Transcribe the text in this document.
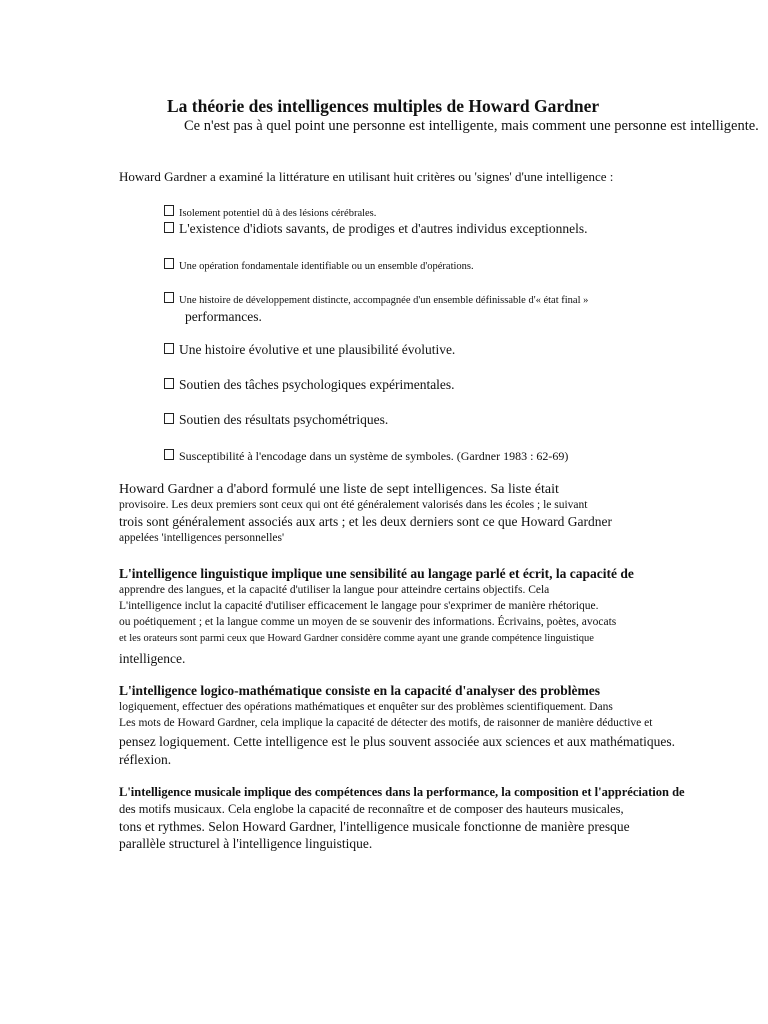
La théorie des intelligences multiples de Howard Gardner

Ce n'est pas à quel point une personne est intelligente, mais comment une personne est intelligente.

Howard Gardner a examiné la littérature en utilisant huit critères ou 'signes' d'une intelligence :

Isolement potentiel dû à des lésions cérébrales.
L'existence d'idiots savants, de prodiges et d'autres individus exceptionnels.
Une opération fondamentale identifiable ou un ensemble d'opérations.
Une histoire de développement distincte, accompagnée d'un ensemble définissable d'« état final »

performances.

Une histoire évolutive et une plausibilité évolutive.
Soutien des tâches psychologiques expérimentales.
Soutien des résultats psychométriques.
Susceptibilité à l'encodage dans un système de symboles. (Gardner 1983 : 62-69)

Howard Gardner a d'abord formulé une liste de sept intelligences. Sa liste était

provisoire. Les deux premiers sont ceux qui ont été généralement valorisés dans les écoles ; le suivant

trois sont généralement associés aux arts ; et les deux derniers sont ce que Howard Gardner

appelées 'intelligences personnelles'

L'intelligence linguistique implique une sensibilité au langage parlé et écrit, la capacité de

apprendre des langues, et la capacité d'utiliser la langue pour atteindre certains objectifs. Cela

L'intelligence inclut la capacité d'utiliser efficacement le langage pour s'exprimer de manière rhétorique.

ou poétiquement ; et la langue comme un moyen de se souvenir des informations. Écrivains, poètes, avocats

et les orateurs sont parmi ceux que Howard Gardner considère comme ayant une grande compétence linguistique

intelligence.

L'intelligence logico-mathématique consiste en la capacité d'analyser des problèmes

logiquement, effectuer des opérations mathématiques et enquêter sur des problèmes scientifiquement. Dans

Les mots de Howard Gardner, cela implique la capacité de détecter des motifs, de raisonner de manière déductive et

pensez logiquement. Cette intelligence est le plus souvent associée aux sciences et aux mathématiques.

réflexion.

L'intelligence musicale implique des compétences dans la performance, la composition et l'appréciation de

des motifs musicaux. Cela englobe la capacité de reconnaître et de composer des hauteurs musicales,

tons et rythmes. Selon Howard Gardner, l'intelligence musicale fonctionne de manière presque

parallèle structurel à l'intelligence linguistique.
